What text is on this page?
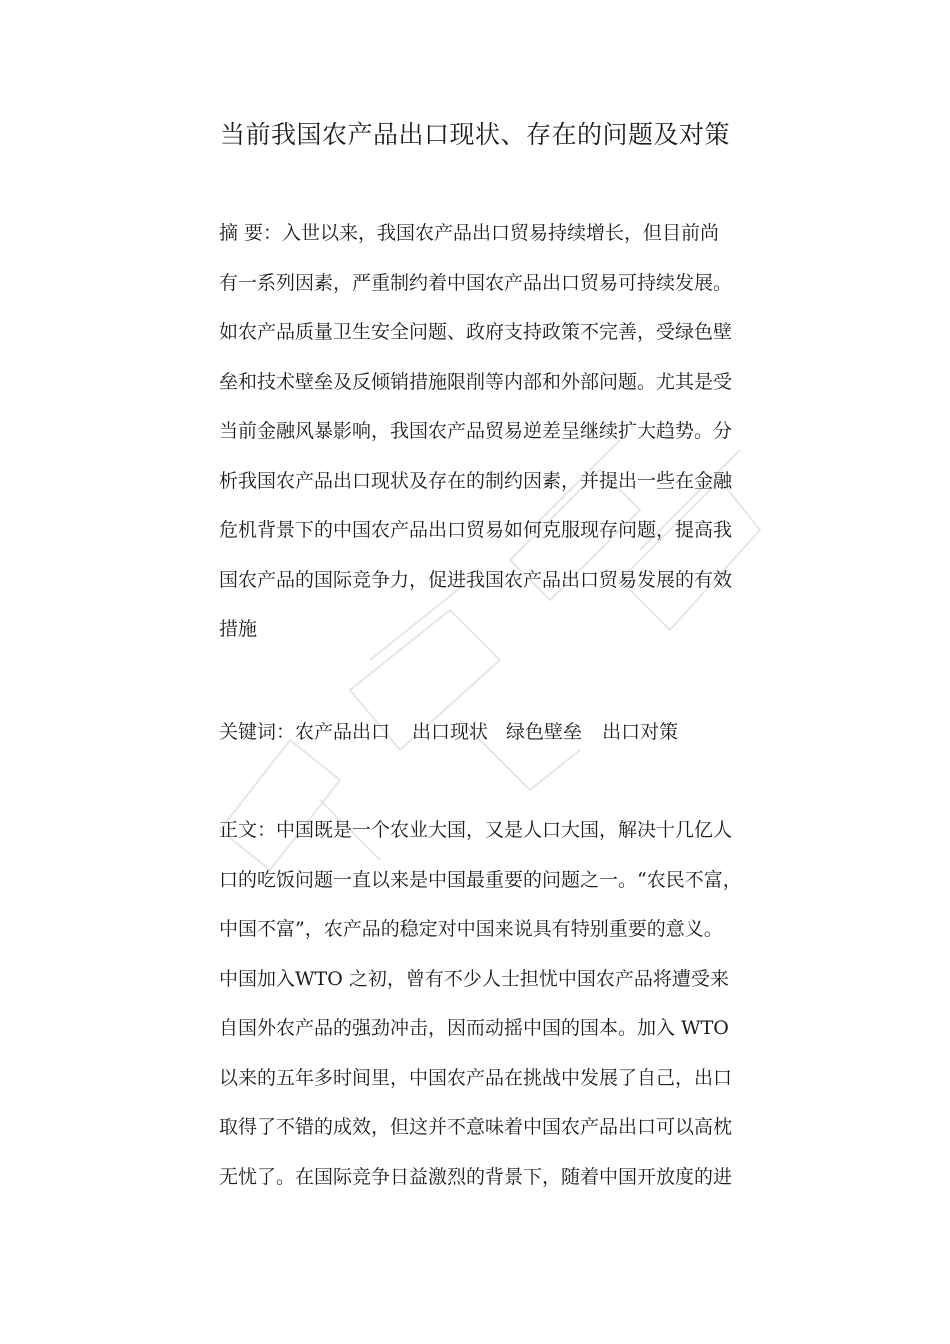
当前我国农产品出口现状、存在的问题及对策
摘 要：入世以来，我国农产品出口贸易持续增长，但目前尚
有一系列因素，严重制约着中国农产品出口贸易可持续发展。
如农产品质量卫生安全问题、政府支持政策不完善，受绿色壁
垒和技术壁垒及反倾销措施限削等内部和外部问题。尤其是受
当前金融风暴影响，我国农产品贸易逆差呈继续扩大趋势。分
析我国农产品出口现状及存在的制约因素，并提出一些在金融
危机背景下的中国农产品出口贸易如何克服现存问题，提高我
国农产品的国际竞争力，促进我国农产品出口贸易发展的有效
措施
关键词：农产品出口 出口现状 绿色壁垒 出口对策
正文：中国既是一个农业大国，又是人口大国，解决十几亿人
口的吃饭问题一直以来是中国最重要的问题之一。“农民不富，
中国不富”，农产品的稳定对中国来说具有特别重要的意义。
中国加入WTO 之初，曾有不少人士担忧中国农产品将遭受来
自国外农产品的强劲冲击，因而动摇中国的国本。加入 WTO
以来的五年多时间里，中国农产品在挑战中发展了自己，出口
取得了不错的成效，但这并不意味着中国农产品出口可以高枕
无忧了。在国际竞争日益激烈的背景下，随着中国开放度的进
